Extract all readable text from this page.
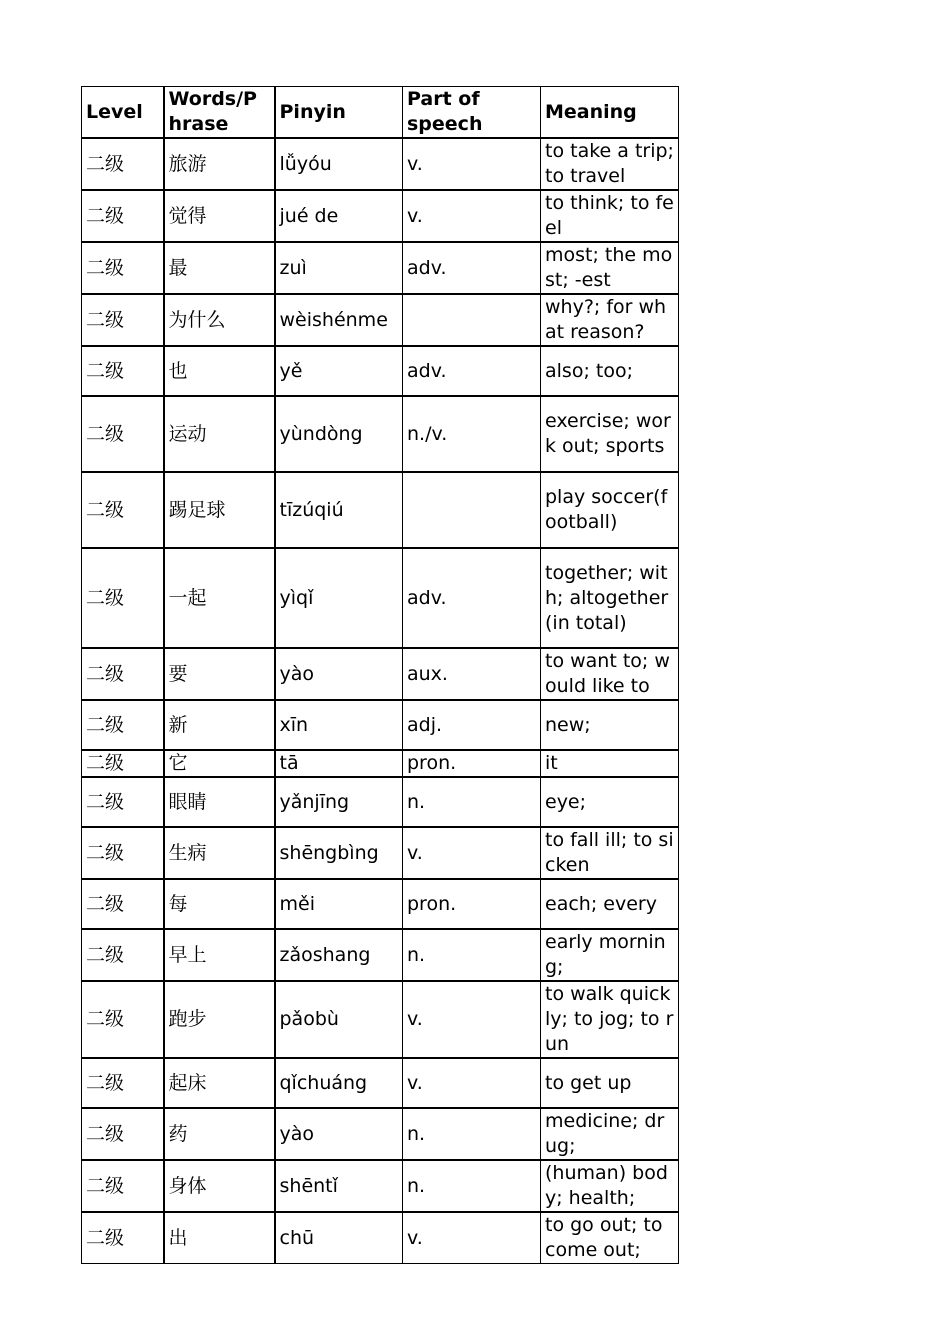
Level	Words/Phrase	Pinyin	Part of speech	Meaning
二级	旅游	lǚyóu	v.	to take a trip; to travel
二级	觉得	jué de	v.	to think; to feel
二级	最	zuì	adv.	most; the most; -est
二级	为什么	wèishénme		why?; for what reason?
二级	也	yě	adv.	also; too;
二级	运动	yùndòng	n./v.	exercise; work out; sports
二级	踢足球	tīzúqiú		play soccer(football)
二级	一起	yìqǐ	adv.	together; with; altogether (in total)
二级	要	yào	aux.	to want to; would like to
二级	新	xīn	adj.	new;
二级	它	tā	pron.	it
二级	眼睛	yǎnjīng	n.	eye;
二级	生病	shēngbìng	v.	to fall ill; to sicken
二级	每	měi	pron.	each; every
二级	早上	zǎoshang	n.	early morning;
二级	跑步	pǎobù	v.	to walk quickly; to jog; to run
二级	起床	qǐchuáng	v.	to get up
二级	药	yào	n.	medicine; drug;
二级	身体	shēntǐ	n.	(human) body; health;
二级	出	chū	v.	to go out; to come out;
